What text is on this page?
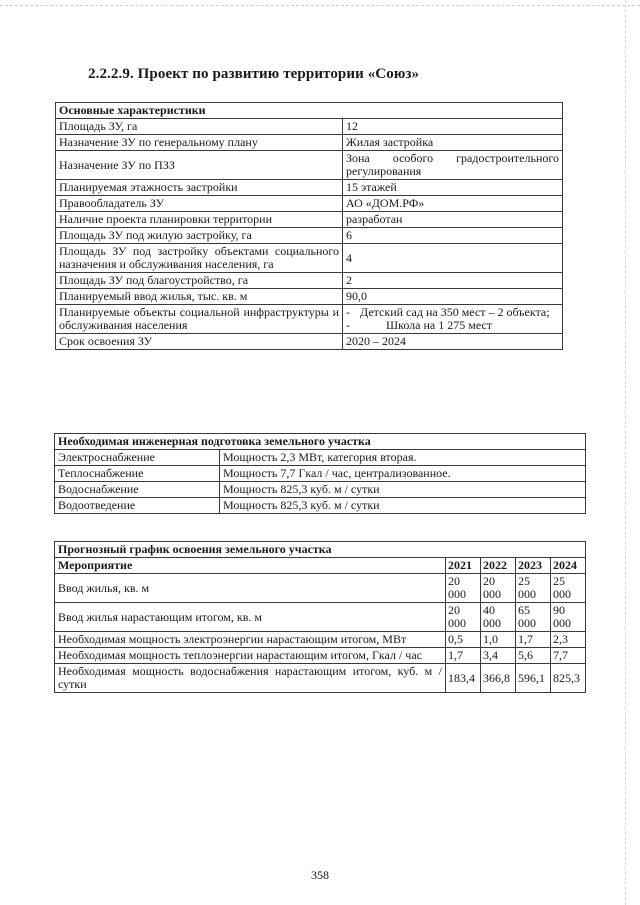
2.2.2.9. Проект по развитию территории «Союз»
Основные характеристики	
Площадь ЗУ, га	12
Назначение ЗУ по генеральному плану	Жилая застройка
Назначение ЗУ по ПЗЗ	Зона особого градостроительного регулирования
Планируемая этажность застройки	15 этажей
Правообладатель ЗУ	АО «ДОМ.РФ»
Наличие проекта планировки территории	разработан
Площадь ЗУ под жилую застройку, га	6
Площадь ЗУ под застройку объектами социального назначения и обслуживания населения, га	4
Площадь ЗУ под благоустройство, га	2
Планируемый ввод жилья, тыс. кв. м	90,0
Планируемые объекты социальной инфраструктуры и обслуживания населения	- Детский сад на 350 мест – 2 объекта;
- Школа на 1 275 мест

Срок освоения ЗУ	2020 – 2024
Необходимая инженерная подготовка земельного участка	
Электроснабжение	Мощность 2,3 МВт, категория вторая.
Теплоснабжение	Мощность 7,7 Гкал / час, централизованное.
Водоснабжение	Мощность 825,3 куб. м / сутки
Водоотведение	Мощность 825,3 куб. м / сутки
Прогнозный график освоения земельного участка				
Мероприятие	2021	2022	2023	2024
Ввод жилья, кв. м	20 000	20 000	25 000	25 000
Ввод жилья нарастающим итогом, кв. м	20 000	40 000	65 000	90 000
Необходимая мощность электроэнергии нарастающим итогом, МВт	0,5	1,0	1,7	2,3
Необходимая мощность теплоэнергии нарастающим итогом, Гкал / час	1,7	3,4	5,6	7,7
Необходимая мощность водоснабжения нарастающим итогом, куб. м / сутки	183,4	366,8	596,1	825,3
358
